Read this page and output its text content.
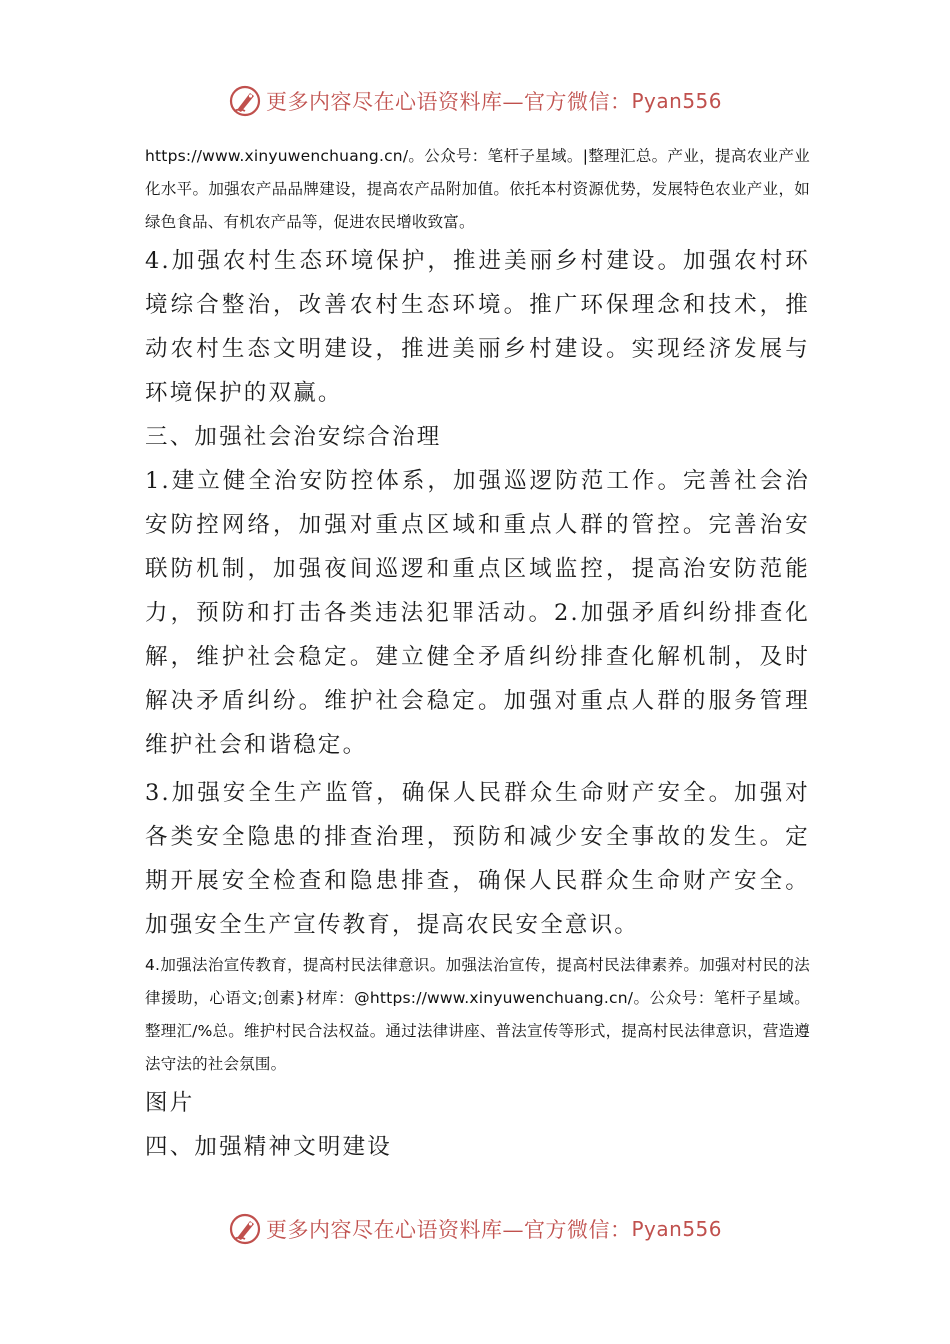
更多内容尽在心语资料库—官方微信： Pyan556

https://www.xinyuwenchuang.cn/。公众号：笔杆子星域。|整理汇总。产业，提高农业产业化水平。加强农产品品牌建设，提高农产品附加值。依托本村资源优势，发展特色农业产业，如绿色食品、有机农产品等，促进农民增收致富。

4.加强农村生态环境保护，推进美丽乡村建设。加强农村环境综合整治，改善农村生态环境。推广环保理念和技术，推动农村生态文明建设，推进美丽乡村建设。实现经济发展与环境保护的双赢。

三、加强社会治安综合治理

1.建立健全治安防控体系，加强巡逻防范工作。完善社会治安防控网络，加强对重点区域和重点人群的管控。完善治安联防机制，加强夜间巡逻和重点区域监控，提高治安防范能力，预防和打击各类违法犯罪活动。2.加强矛盾纠纷排查化解，维护社会稳定。建立健全矛盾纠纷排查化解机制，及时解决矛盾纠纷。维护社会稳定。加强对重点人群的服务管理维护社会和谐稳定。

3.加强安全生产监管，确保人民群众生命财产安全。加强对各类安全隐患的排查治理，预防和减少安全事故的发生。定期开展安全检查和隐患排查，确保人民群众生命财产安全。加强安全生产宣传教育，提高农民安全意识。

4.加强法治宣传教育，提高村民法律意识。加强法治宣传，提高村民法律素养。加强对村民的法律援助，心语文;创素}材库：@https://www.xinyuwenchuang.cn/。公众号：笔杆子星域。整理汇/%总。维护村民合法权益。通过法律讲座、普法宣传等形式，提高村民法律意识，营造遵法守法的社会氛围。

图片

四、加强精神文明建设

更多内容尽在心语资料库—官方微信： Pyan556
